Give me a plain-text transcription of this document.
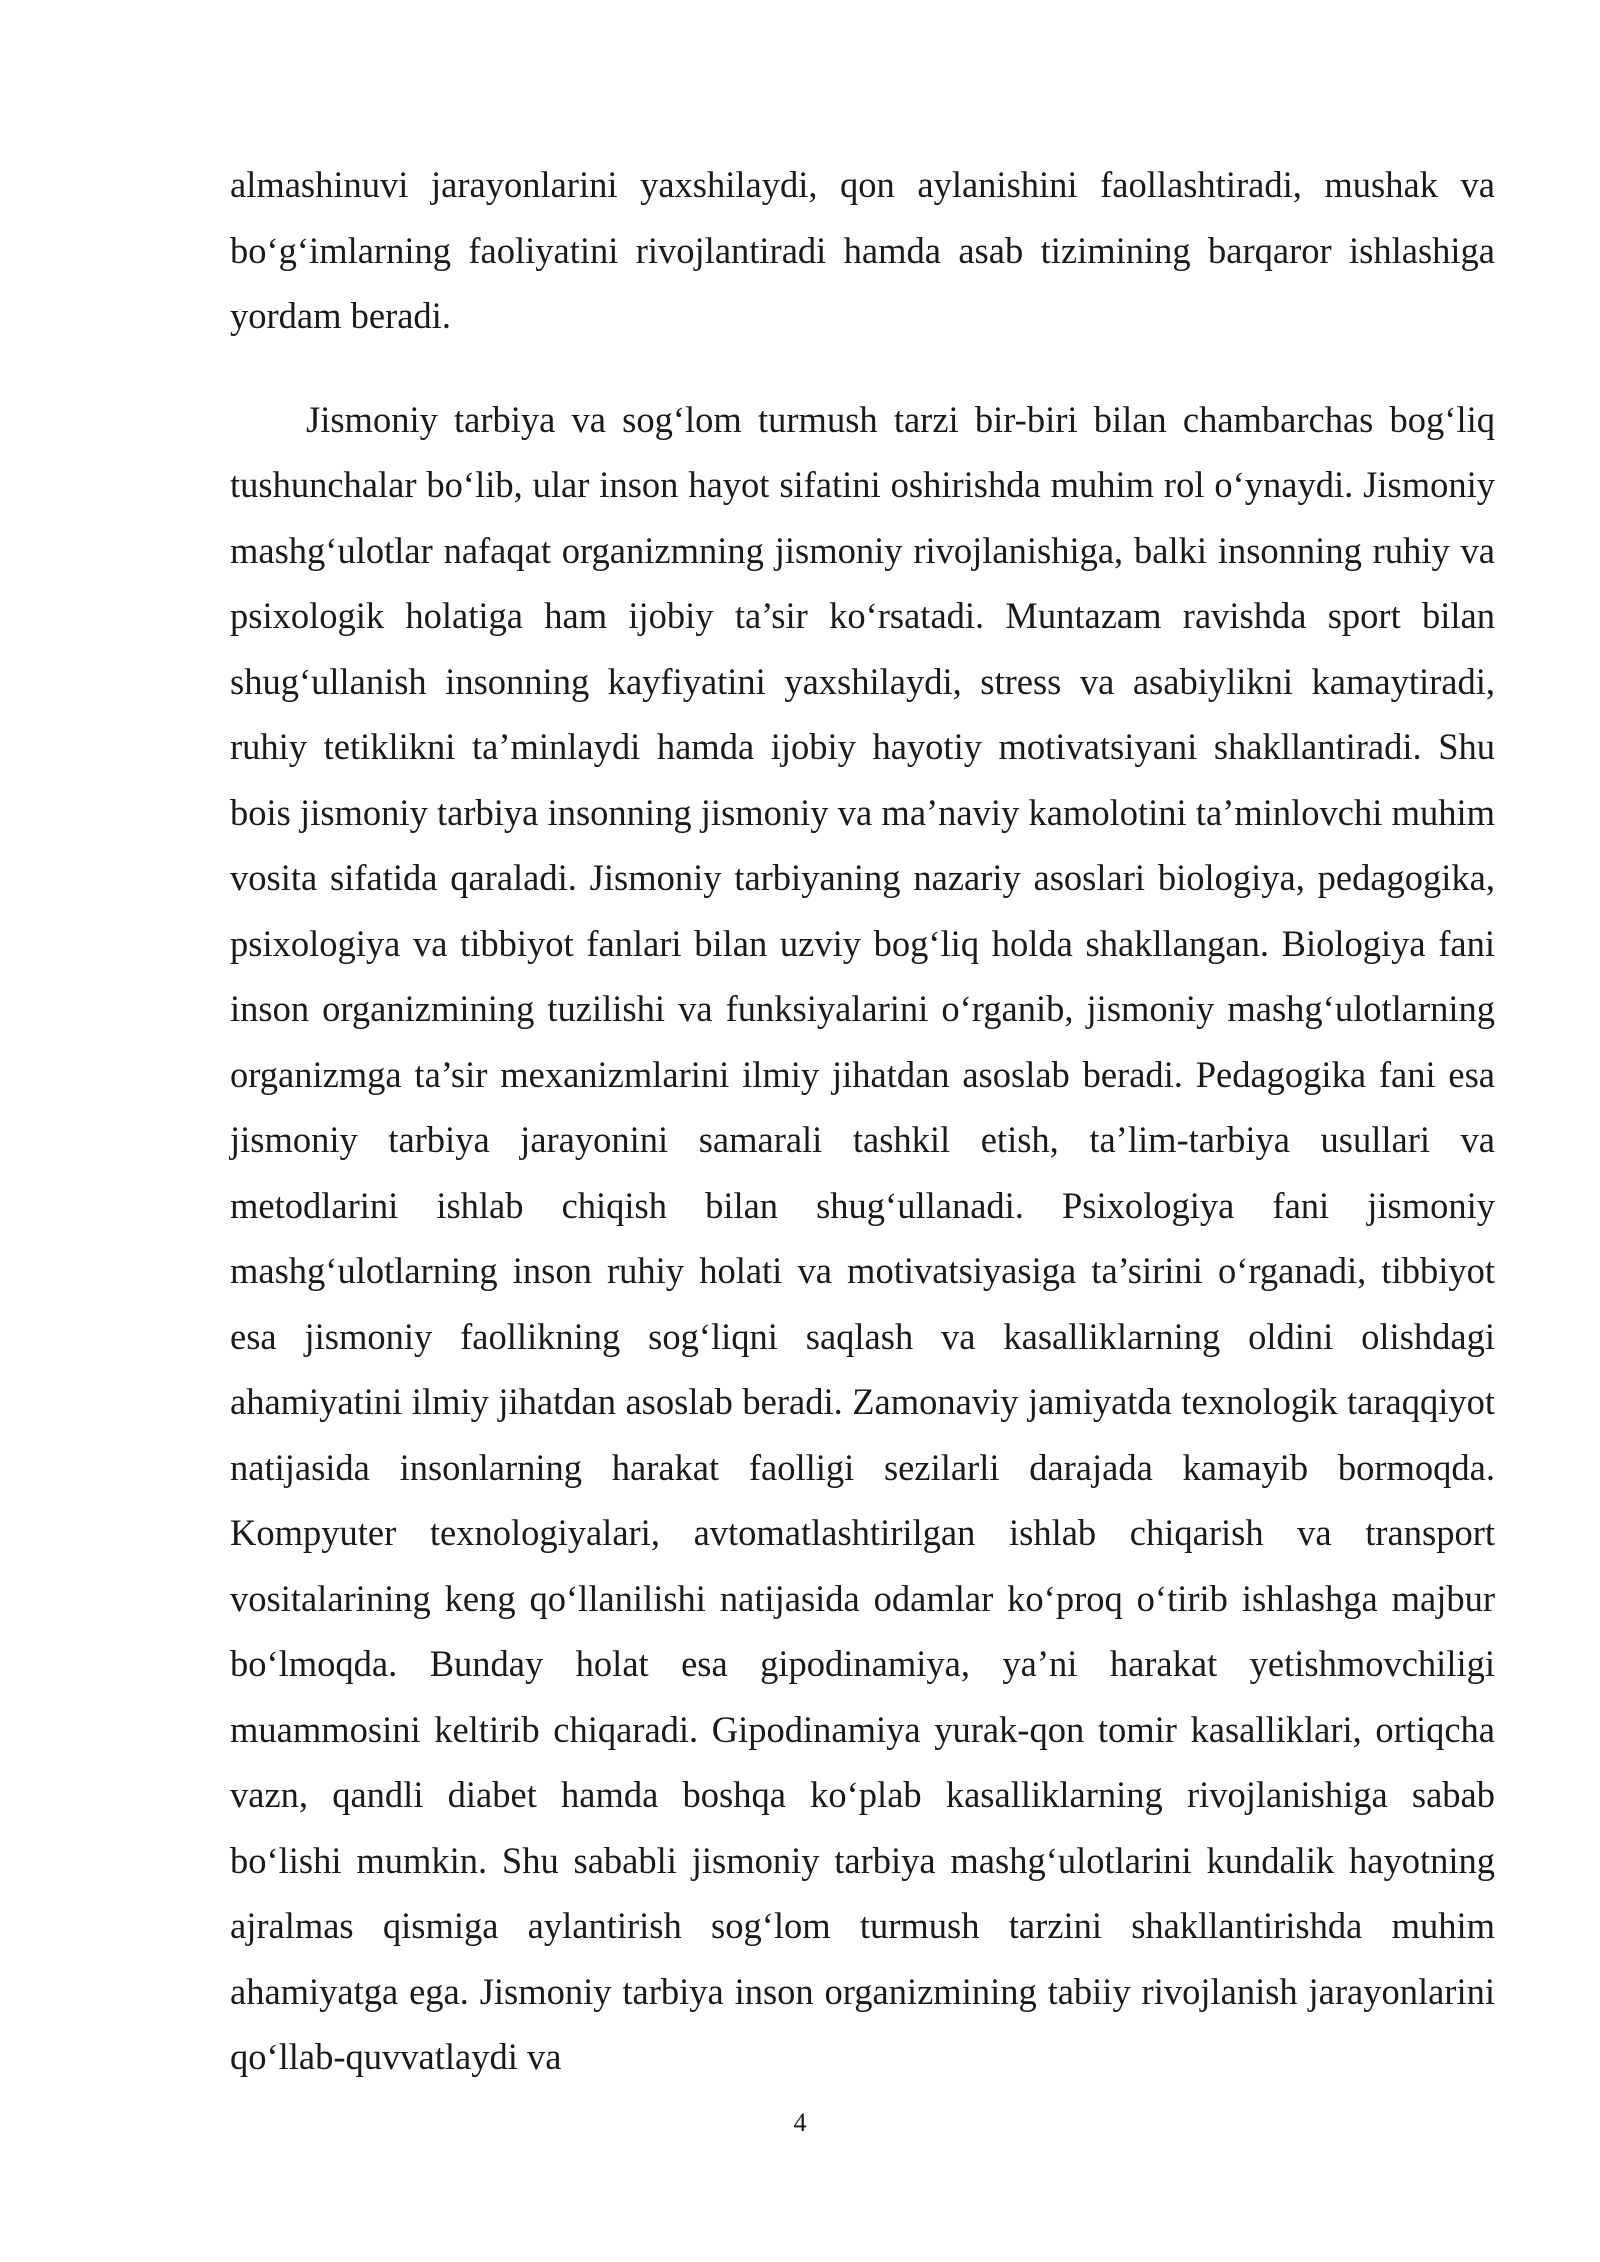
almashinuvi jarayonlarini yaxshilaydi, qon aylanishini faollashtiradi, mushak va bo‘g‘imlarning faoliyatini rivojlantiradi hamda asab tizimining barqaror ishlashiga yordam beradi.

Jismoniy tarbiya va sog‘lom turmush tarzi bir-biri bilan chambarchas bog‘liq tushunchalar bo‘lib, ular inson hayot sifatini oshirishda muhim rol o‘ynaydi. Jismoniy mashg‘ulotlar nafaqat organizmning jismoniy rivojlanishiga, balki insonning ruhiy va psixologik holatiga ham ijobiy ta’sir ko‘rsatadi. Muntazam ravishda sport bilan shug‘ullanish insonning kayfiyatini yaxshilaydi, stress va asabiylikni kamaytiradi, ruhiy tetiklikni ta’minlaydi hamda ijobiy hayotiy motivatsiyani shakllantiradi. Shu bois jismoniy tarbiya insonning jismoniy va ma’naviy kamolotini ta’minlovchi muhim vosita sifatida qaraladi. Jismoniy tarbiyaning nazariy asoslari biologiya, pedagogika, psixologiya va tibbiyot fanlari bilan uzviy bog‘liq holda shakllangan. Biologiya fani inson organizmining tuzilishi va funksiyalarini o‘rganib, jismoniy mashg‘ulotlarning organizmga ta’sir mexanizmlarini ilmiy jihatdan asoslab beradi. Pedagogika fani esa jismoniy tarbiya jarayonini samarali tashkil etish, ta’lim-tarbiya usullari va metodlarini ishlab chiqish bilan shug‘ullanadi. Psixologiya fani jismoniy mashg‘ulotlarning inson ruhiy holati va motivatsiyasiga ta’sirini o‘rganadi, tibbiyot esa jismoniy faollikning sog‘liqni saqlash va kasalliklarning oldini olishdagi ahamiyatini ilmiy jihatdan asoslab beradi. Zamonaviy jamiyatda texnologik taraqqiyot natijasida insonlarning harakat faolligi sezilarli darajada kamayib bormoqda. Kompyuter texnologiyalari, avtomatlashtirilgan ishlab chiqarish va transport vositalarining keng qo‘llanilishi natijasida odamlar ko‘proq o‘tirib ishlashga majbur bo‘lmoqda. Bunday holat esa gipodinamiya, ya’ni harakat yetishmovchiligi muammosini keltirib chiqaradi. Gipodinamiya yurak-qon tomir kasalliklari, ortiqcha vazn, qandli diabet hamda boshqa ko‘plab kasalliklarning rivojlanishiga sabab bo‘lishi mumkin. Shu sababli jismoniy tarbiya mashg‘ulotlarini kundalik hayotning ajralmas qismiga aylantirish sog‘lom turmush tarzini shakllantirishda muhim ahamiyatga ega. Jismoniy tarbiya inson organizmining tabiiy rivojlanish jarayonlarini qo‘llab-quvvatlaydi va

4
